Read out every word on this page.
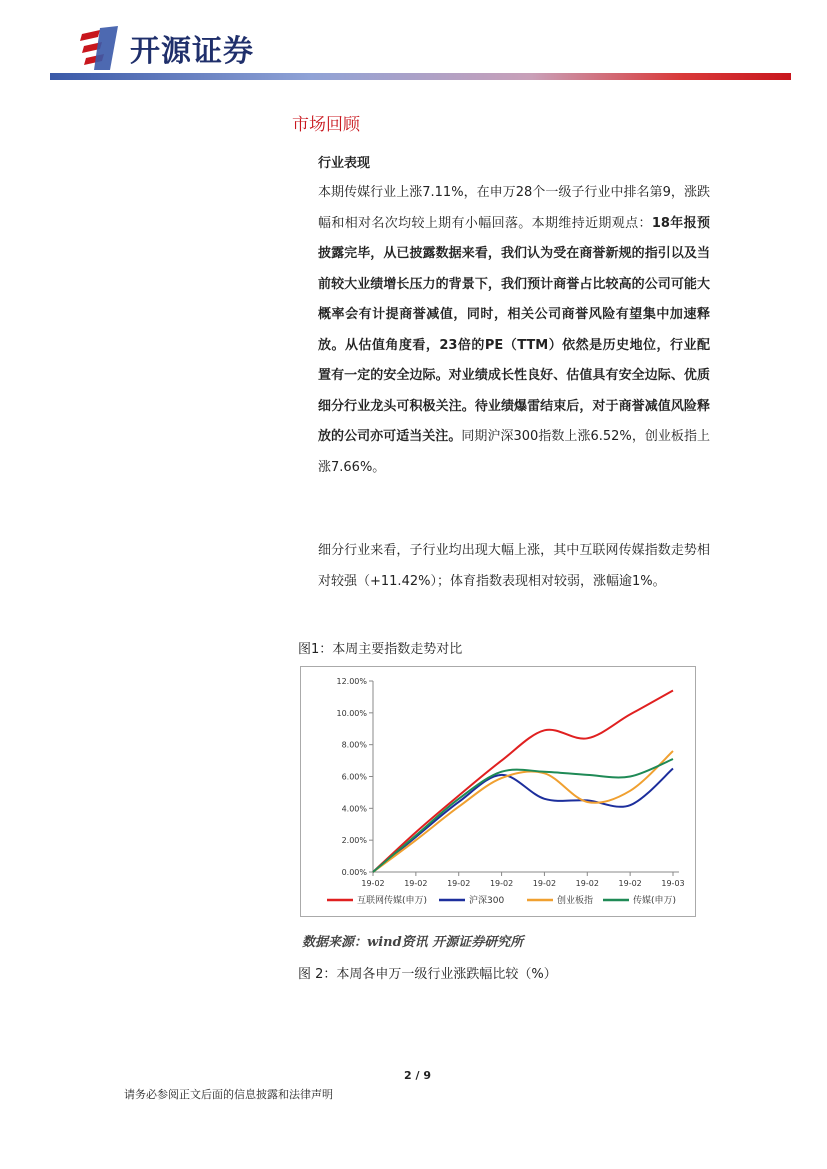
开源证券
市场回顾
行业表现
本期传媒行业上涨7.11%，在申万28个一级子行业中排名第9，涨跌幅和相对名次均较上期有小幅回落。本期维持近期观点：18年报预披露完毕，从已披露数据来看，我们认为受在商誉新规的指引以及当前较大业绩增长压力的背景下，我们预计商誉占比较高的公司可能大概率会有计提商誉减值，同时，相关公司商誉风险有望集中加速释放。从估值角度看，23倍的PE（TTM）依然是历史地位，行业配置有一定的安全边际。对业绩成长性良好、估值具有安全边际、优质细分行业龙头可积极关注。待业绩爆雷结束后，对于商誉减值风险释放的公司亦可适当关注。同期沪深300指数上涨6.52%，创业板指上涨7.66%。
细分行业来看，子行业均出现大幅上涨，其中互联网传媒指数走势相对较强（+11.42%）；体育指数表现相对较弱，涨幅逾1%。
图1：本周主要指数走势对比
0.00%
2.00%
4.00%
6.00%
8.00%
10.00%
12.00%
19-02 19-02 19-02 19-02 19-02 19-02 19-02 19-03
互联网传媒(申万)	沪深300	创业板指	传媒(申万)
数据来源：wind资讯 开源证券研究所
图 2：本周各申万一级行业涨跌幅比较（%）
2 / 9
请务必参阅正文后面的信息披露和法律声明
